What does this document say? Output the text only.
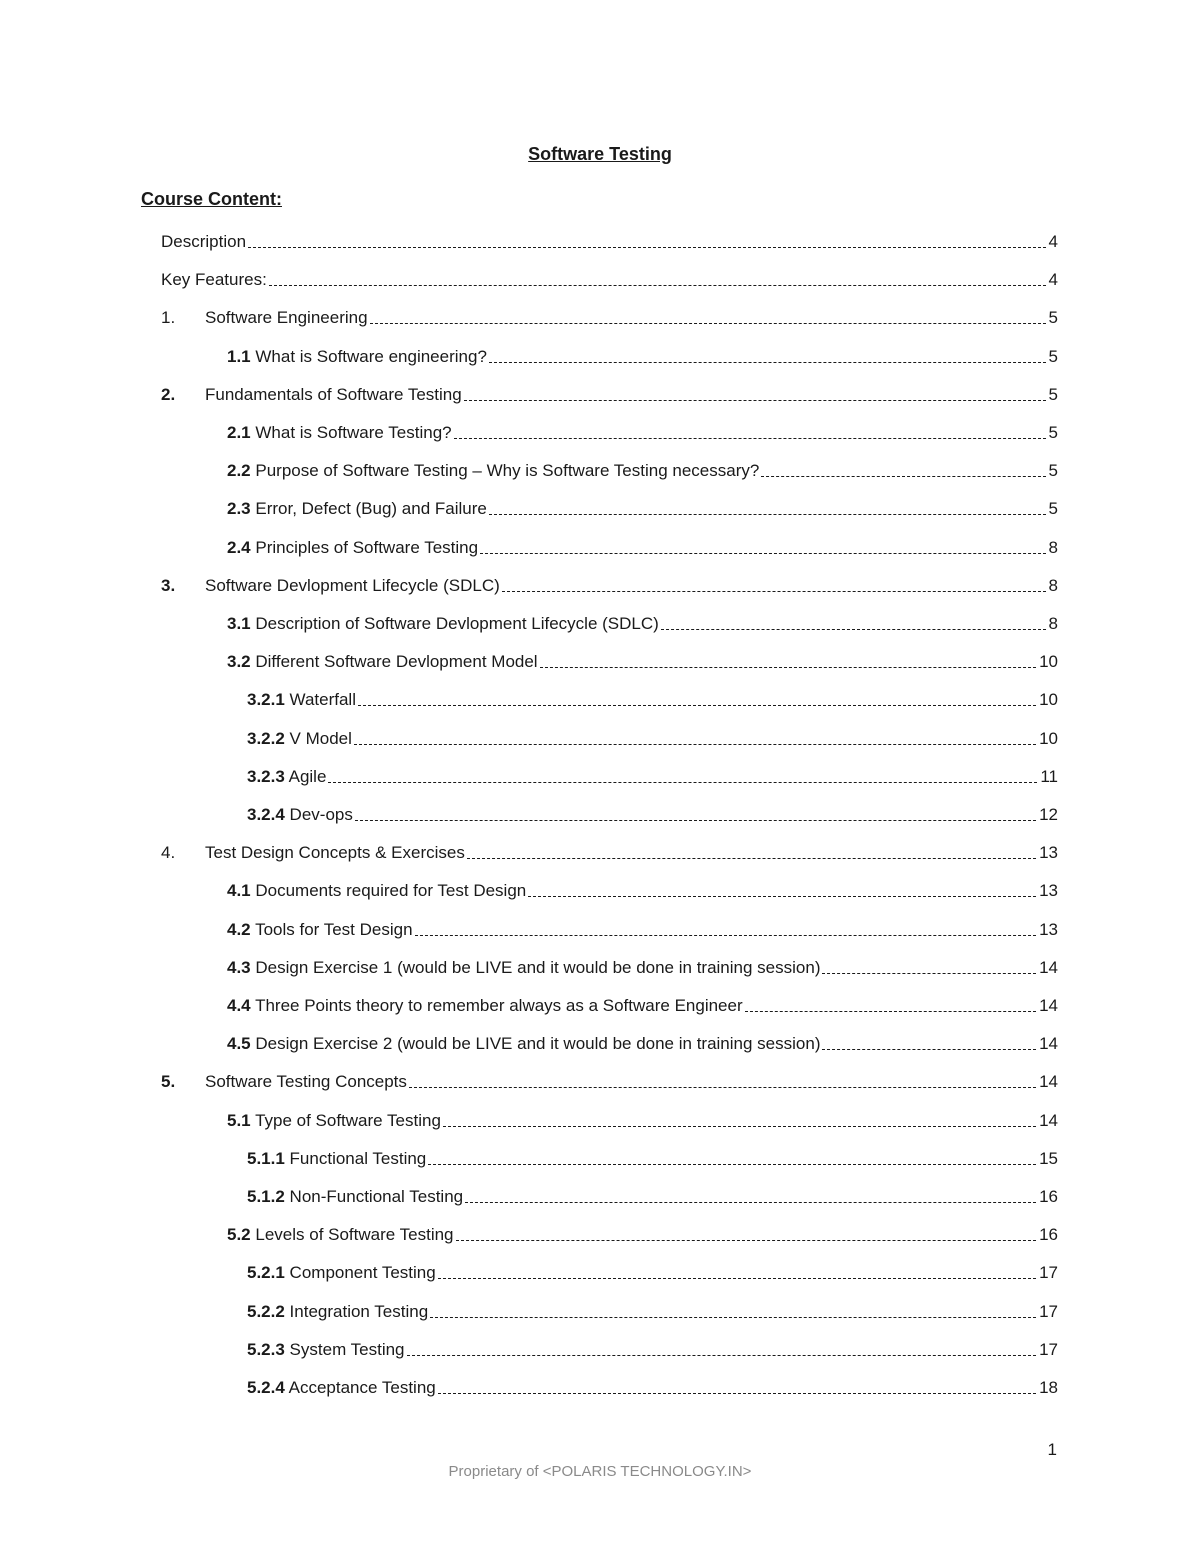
Software Testing
Course Content:
Description	4
Key Features:	4
1.	Software Engineering	5
1.1 What is Software engineering?	5
2.	Fundamentals of Software Testing	5
2.1 What is Software Testing?	5
2.2 Purpose of Software Testing – Why is Software Testing necessary?	5
2.3 Error, Defect (Bug) and Failure	5
2.4 Principles of Software Testing	8
3.	Software Devlopment Lifecycle (SDLC)	8
3.1 Description of Software Devlopment Lifecycle (SDLC)	8
3.2 Different Software Devlopment Model	10
3.2.1 Waterfall	10
3.2.2 V Model	10
3.2.3 Agile	11
3.2.4 Dev-ops	12
4.	Test Design Concepts & Exercises	13
4.1 Documents required for Test Design	13
4.2 Tools for Test Design	13
4.3 Design Exercise 1 (would be LIVE and it would be done in training session)	14
4.4 Three Points theory to remember always as a Software Engineer	14
4.5 Design Exercise 2 (would be LIVE and it would be done in training session)	14
5.	Software Testing Concepts	14
5.1 Type of Software Testing	14
5.1.1 Functional Testing	15
5.1.2 Non-Functional Testing	16
5.2 Levels of Software Testing	16
5.2.1 Component Testing	17
5.2.2 Integration Testing	17
5.2.3 System Testing	17
5.2.4 Acceptance Testing	18
1
Proprietary of <POLARIS TECHNOLOGY.IN>
